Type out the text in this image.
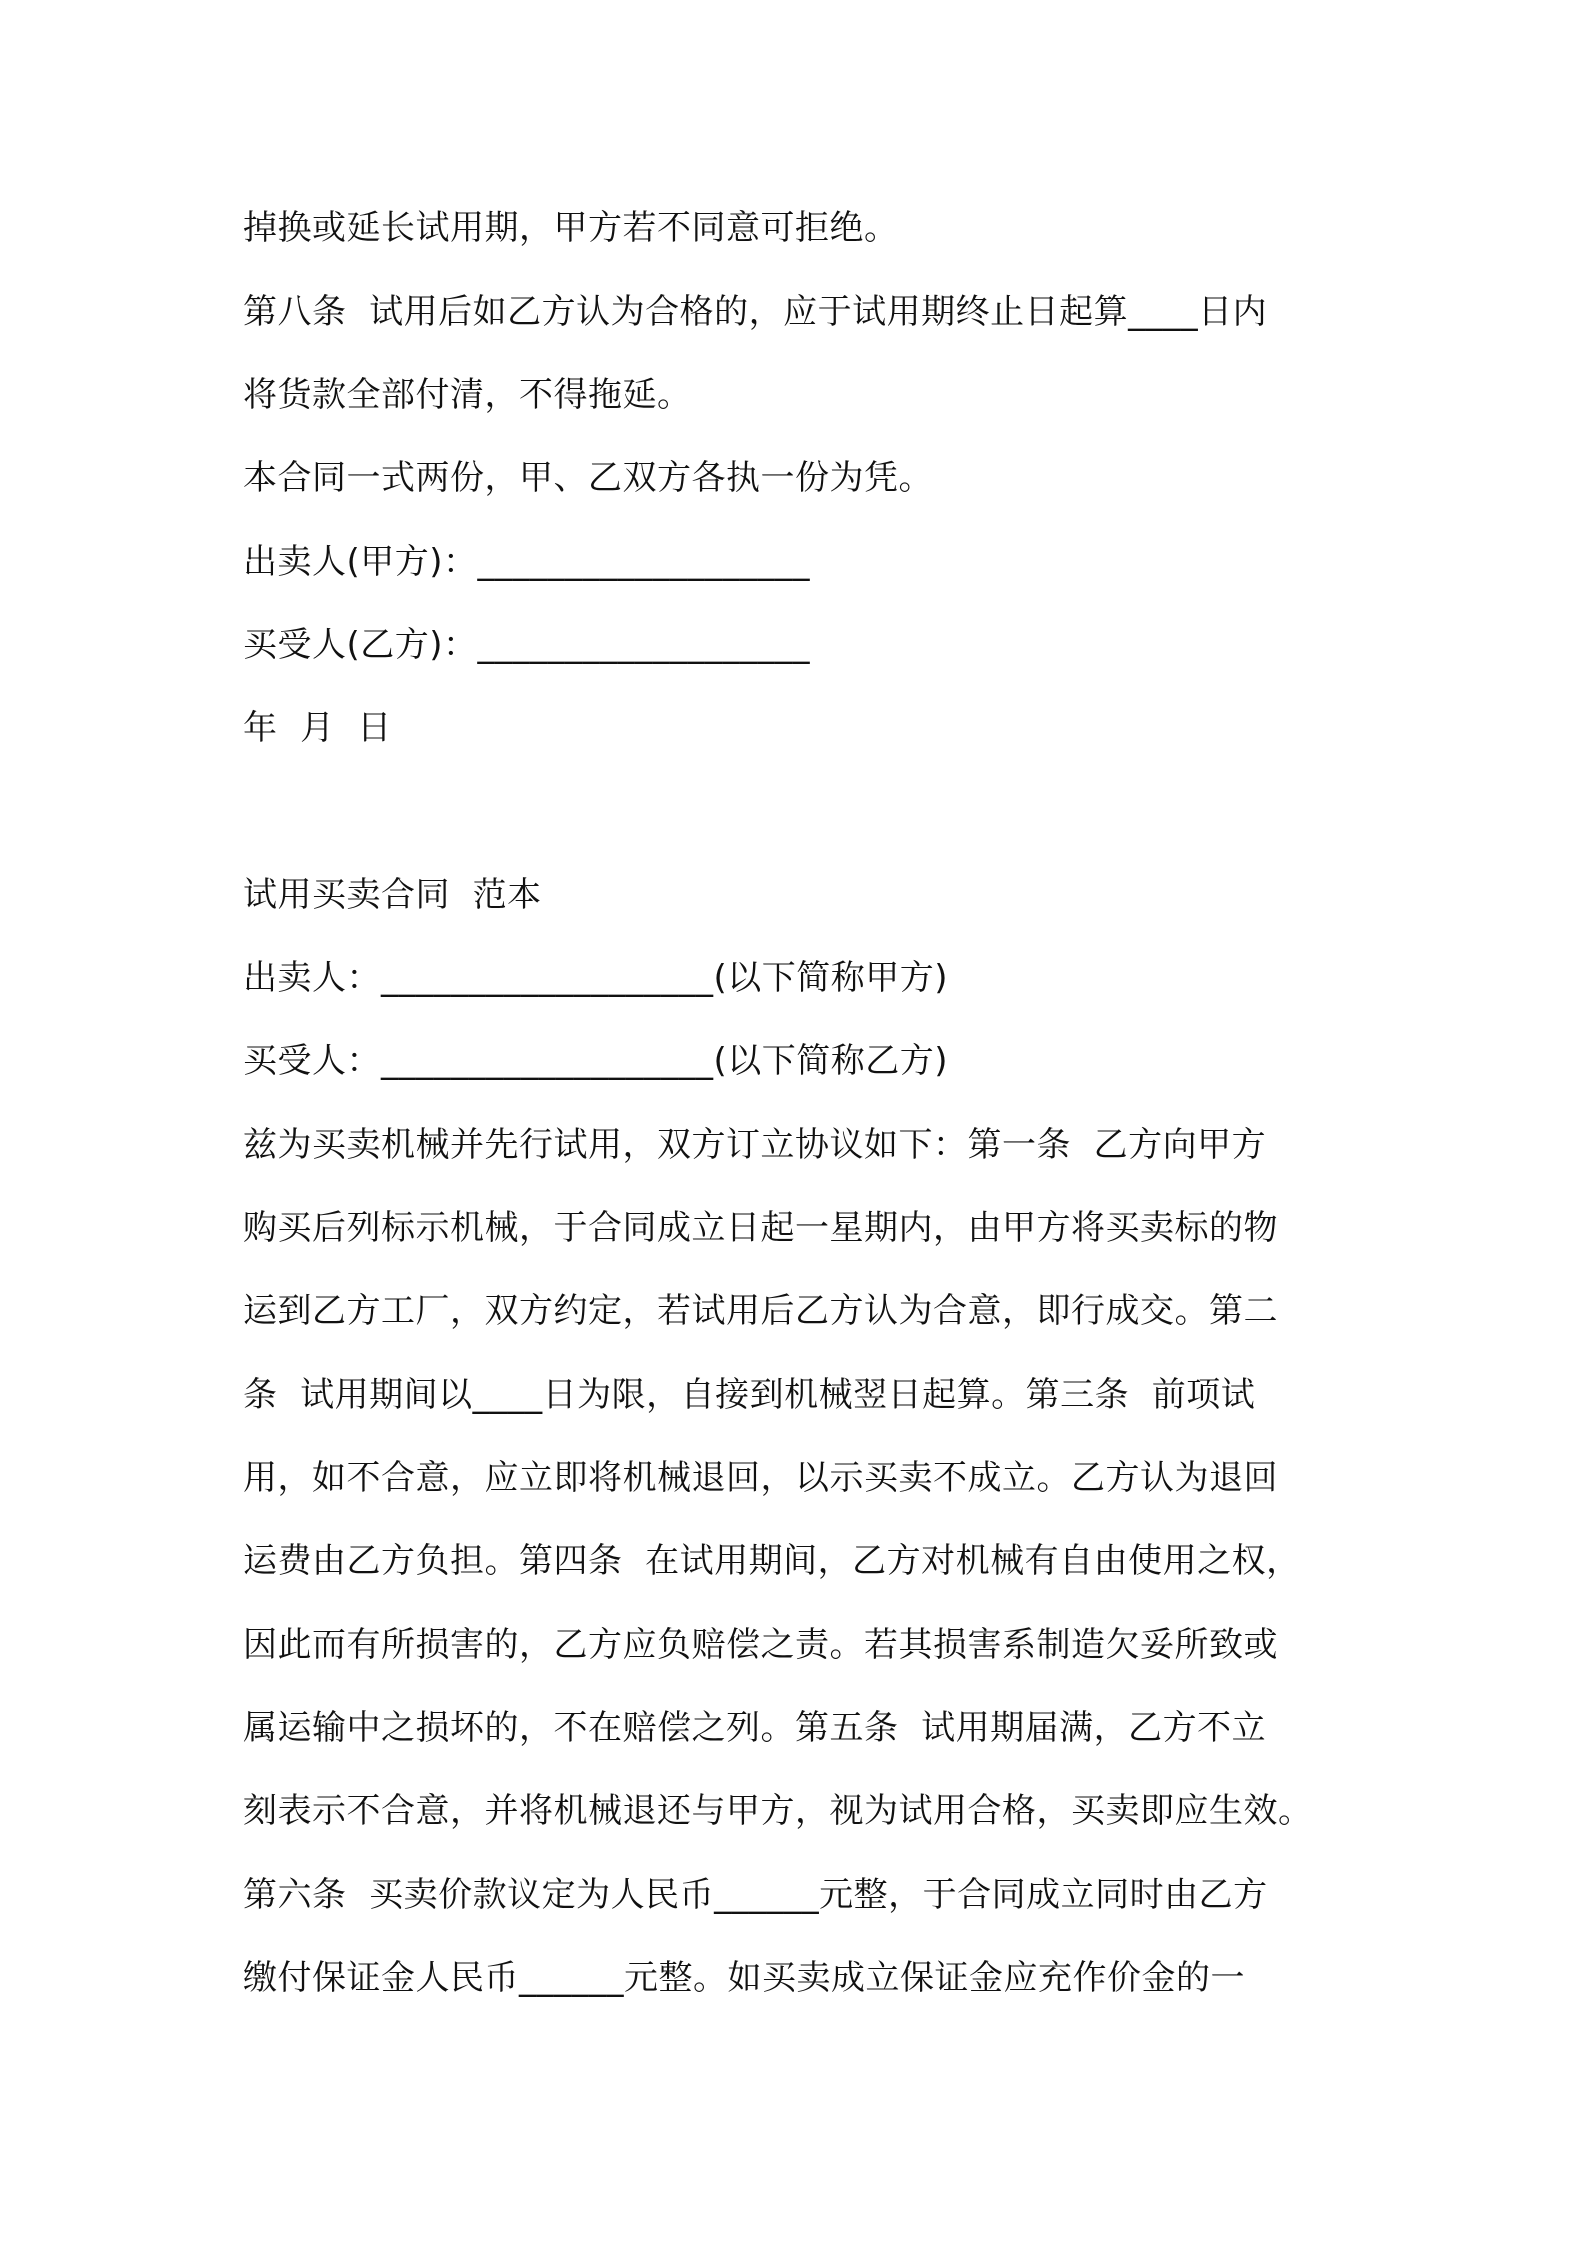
掉换或延长试用期，甲方若不同意可拒绝。
第八条  试用后如乙方认为合格的，应于试用期终止日起算____日内
将货款全部付清，不得拖延。
本合同一式两份，甲、乙双方各执一份为凭。
出卖人(甲方)：___________________
买受人(乙方)：___________________
年  月  日
试用买卖合同  范本
出卖人：___________________(以下简称甲方)
买受人：___________________(以下简称乙方)
兹为买卖机械并先行试用，双方订立协议如下：第一条  乙方向甲方
购买后列标示机械，于合同成立日起一星期内，由甲方将买卖标的物
运到乙方工厂，双方约定，若试用后乙方认为合意，即行成交。第二
条  试用期间以____日为限，自接到机械翌日起算。第三条  前项试
用，如不合意，应立即将机械退回，以示买卖不成立。乙方认为退回
运费由乙方负担。第四条  在试用期间，乙方对机械有自由使用之权，
因此而有所损害的，乙方应负赔偿之责。若其损害系制造欠妥所致或
属运输中之损坏的，不在赔偿之列。第五条  试用期届满，乙方不立
刻表示不合意，并将机械退还与甲方，视为试用合格，买卖即应生效。
第六条  买卖价款议定为人民币______元整，于合同成立同时由乙方
缴付保证金人民币______元整。如买卖成立保证金应充作价金的一
